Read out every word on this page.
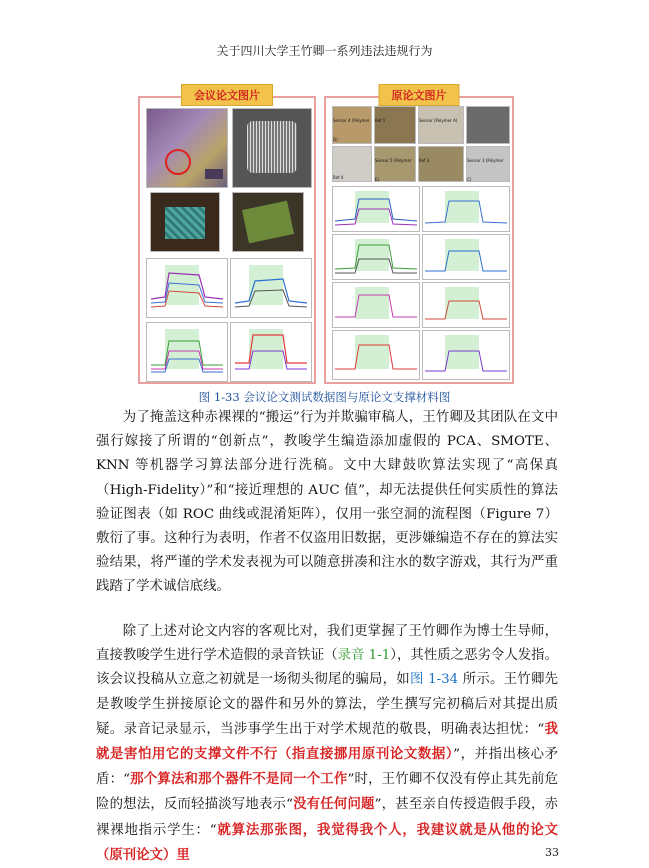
关于四川大学王竹卿一系列违法违规行为
会议论文图片	原论文图片
Sensor 4 (Polymer D)
Ref 1	Sensor (Polymer A)
Ref 4
Sensor 5 (Polymer E)
Ref 3	Sensor 3 (Polymer C)
图 1-33 会议论文测试数据图与原论文支撑材料图

为了掩盖这种赤裸裸的“搬运”行为并欺骗审稿人，王竹卿及其团队在文中强行嫁接了所谓的“创新点”，教唆学生编造添加虚假的 PCA、SMOTE、KNN 等机器学习算法部分进行洗稿。文中大肆鼓吹算法实现了“高保真（High-Fidelity）”和“接近理想的 AUC 值”，却无法提供任何实质性的算法验证图表（如 ROC 曲线或混淆矩阵），仅用一张空洞的流程图（Figure 7）敷衍了事。这种行为表明，作者不仅盗用旧数据，更涉嫌编造不存在的算法实验结果，将严谨的学术发表视为可以随意拼凑和注水的数字游戏，其行为严重践踏了学术诚信底线。

除了上述对论文内容的客观比对，我们更掌握了王竹卿作为博士生导师，直接教唆学生进行学术造假的录音铁证（录音 1-1），其性质之恶劣令人发指。该会议投稿从立意之初就是一场彻头彻尾的骗局，如图 1-34 所示。王竹卿先是教唆学生拼接原论文的器件和另外的算法，学生撰写完初稿后对其提出质疑。录音记录显示，当涉事学生出于对学术规范的敬畏，明确表达担忧：“我就是害怕用它的支撑文件不行（指直接挪用原刊论文数据）”，并指出核心矛盾：“那个算法和那个器件不是同一个工作”时，王竹卿不仅没有停止其先前危险的想法，反而轻描淡写地表示“没有任何问题”，甚至亲自传授造假手段，赤裸裸地指示学生：“就算法那张图，我觉得我个人，我建议就是从他的论文（原刊论文）里	33
